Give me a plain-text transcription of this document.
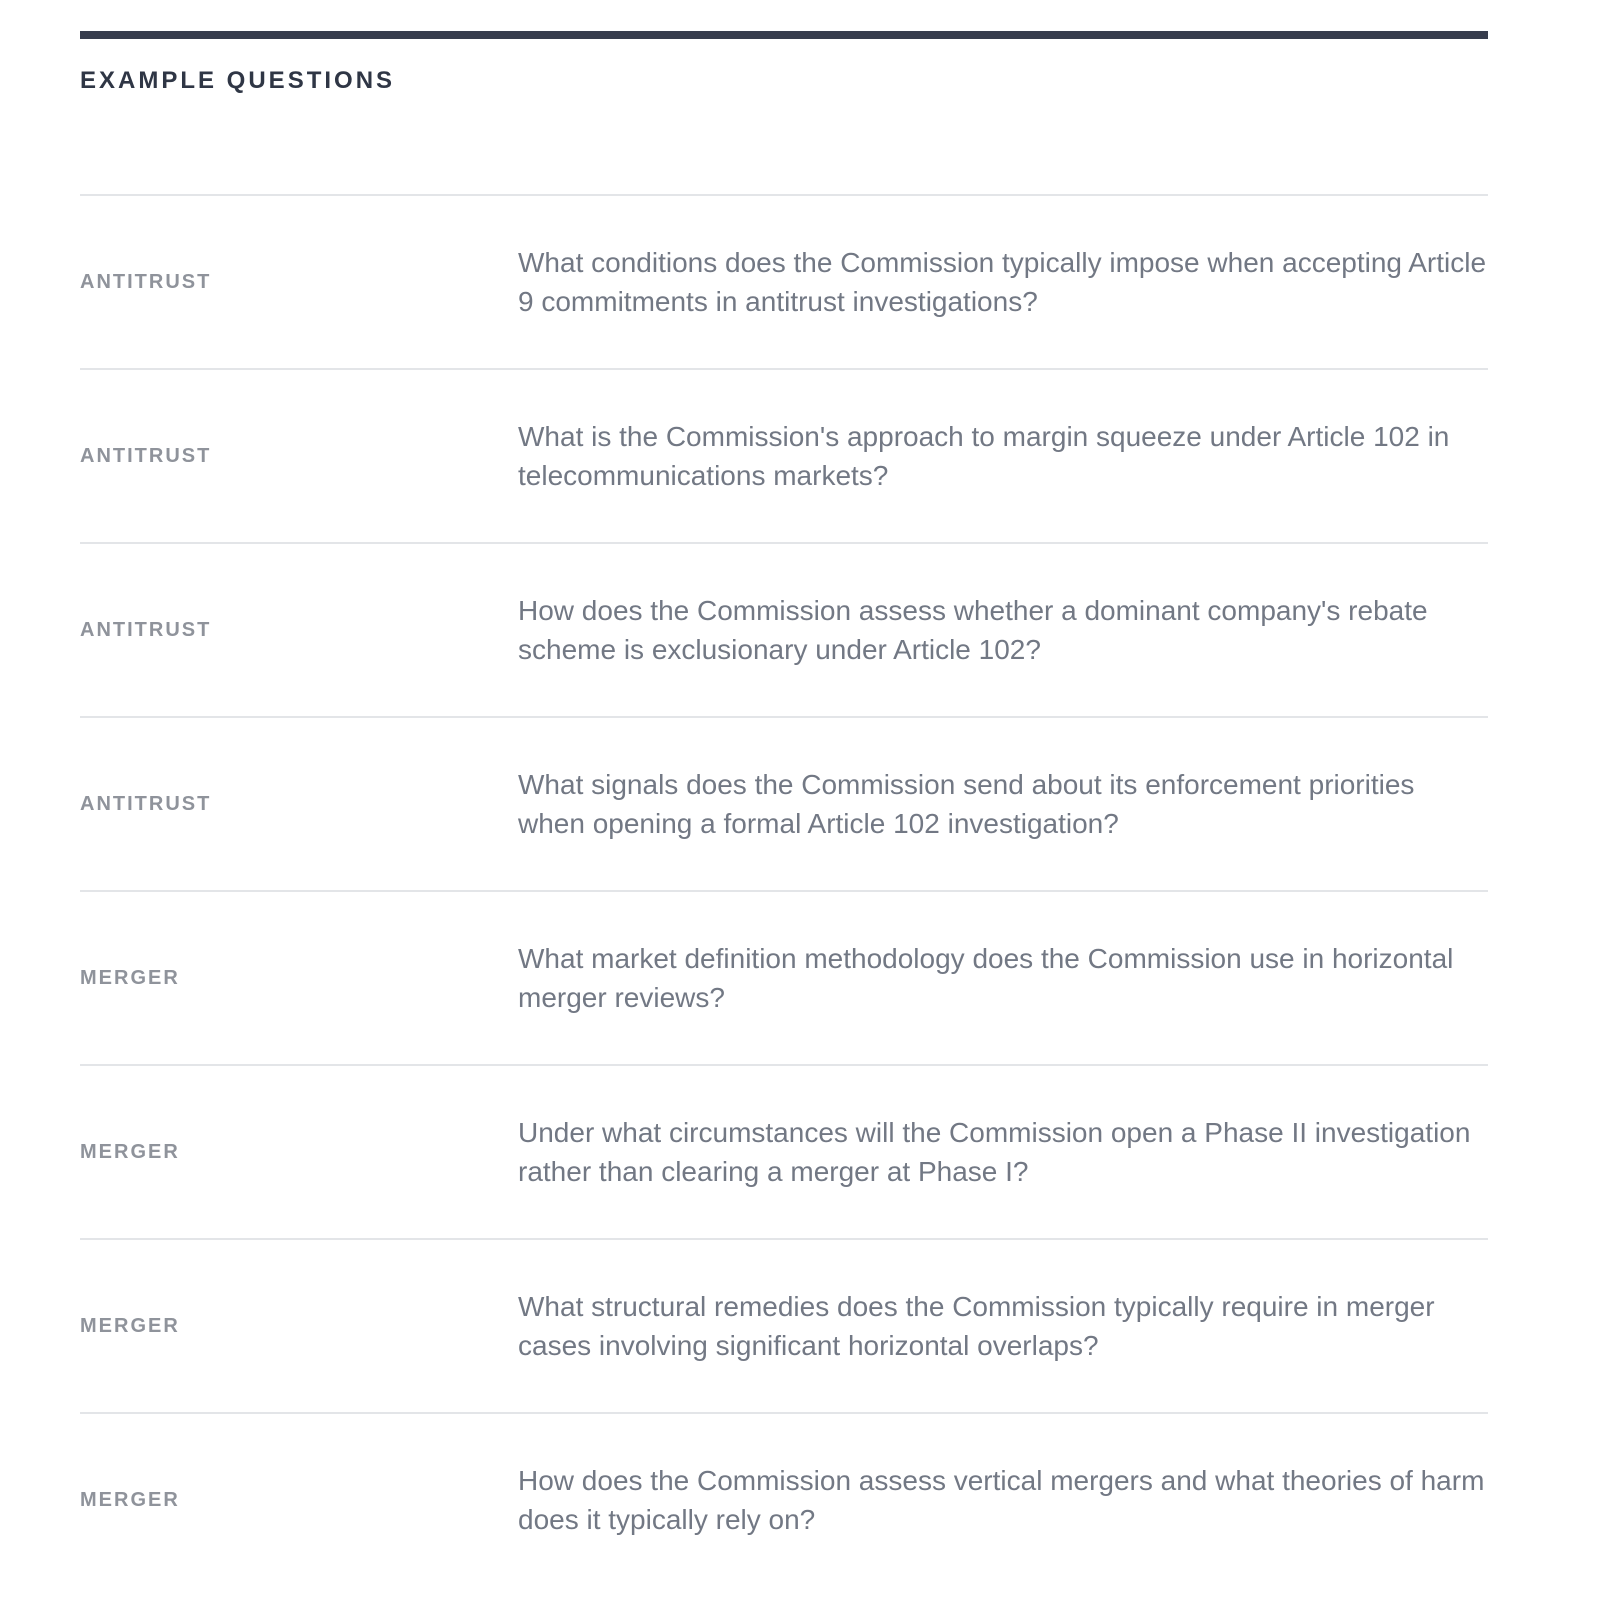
EXAMPLE QUESTIONS
ANTITRUST
What conditions does the Commission typically impose when accepting Article 9 commitments in antitrust investigations?
ANTITRUST
What is the Commission's approach to margin squeeze under Article 102 in telecommunications markets?
ANTITRUST
How does the Commission assess whether a dominant company's rebate scheme is exclusionary under Article 102?
ANTITRUST
What signals does the Commission send about its enforcement priorities when opening a formal Article 102 investigation?
MERGER
What market definition methodology does the Commission use in horizontal merger reviews?
MERGER
Under what circumstances will the Commission open a Phase II investigation rather than clearing a merger at Phase I?
MERGER
What structural remedies does the Commission typically require in merger cases involving significant horizontal overlaps?
MERGER
How does the Commission assess vertical mergers and what theories of harm does it typically rely on?
